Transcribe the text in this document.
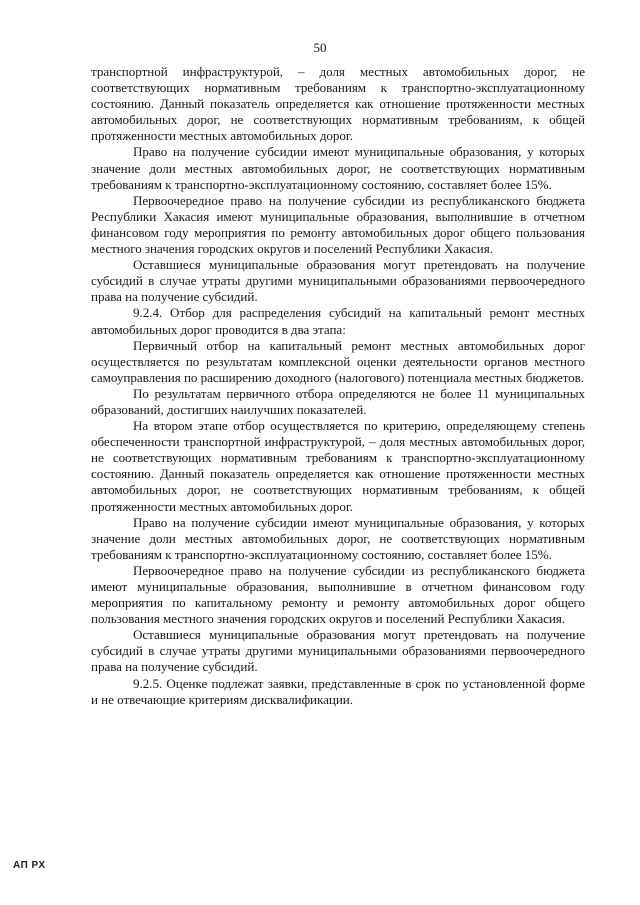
50

транспортной инфраструктурой, – доля местных автомобильных дорог, не соответствующих нормативным требованиям к транспортно-эксплуатационному состоянию. Данный показатель определяется как отношение протяженности местных автомобильных дорог, не соответствующих нормативным требованиям, к общей протяженности местных автомобильных дорог.

Право на получение субсидии имеют муниципальные образования, у которых значение доли местных автомобильных дорог, не соответствующих нормативным требованиям к транспортно-эксплуатационному состоянию, составляет более 15%.

Первоочередное право на получение субсидии из республиканского бюджета Республики Хакасия имеют муниципальные образования, выполнившие в отчетном финансовом году мероприятия по ремонту автомобильных дорог общего пользования местного значения городских округов и поселений Республики Хакасия.

Оставшиеся муниципальные образования могут претендовать на получение субсидий в случае утраты другими муниципальными образованиями первоочередного права на получение субсидий.

9.2.4. Отбор для распределения субсидий на капитальный ремонт местных автомобильных дорог проводится в два этапа:

Первичный отбор на капитальный ремонт местных автомобильных дорог осуществляется по результатам комплексной оценки деятельности органов местного самоуправления по расширению доходного (налогового) потенциала местных бюджетов.

По результатам первичного отбора определяются не более 11 муниципальных образований, достигших наилучших показателей.

На втором этапе отбор осуществляется по критерию, определяющему степень обеспеченности транспортной инфраструктурой, – доля местных автомобильных дорог, не соответствующих нормативным требованиям к транспортно-эксплуатационному состоянию. Данный показатель определяется как отношение протяженности местных автомобильных дорог, не соответствующих нормативным требованиям, к общей протяженности местных автомобильных дорог.

Право на получение субсидии имеют муниципальные образования, у которых значение доли местных автомобильных дорог, не соответствующих нормативным требованиям к транспортно-эксплуатационному состоянию, составляет более 15%.

Первоочередное право на получение субсидии из республиканского бюджета имеют муниципальные образования, выполнившие в отчетном финансовом году мероприятия по капитальному ремонту и ремонту автомобильных дорог общего пользования местного значения городских округов и поселений Республики Хакасия.

Оставшиеся муниципальные образования могут претендовать на получение субсидий в случае утраты другими муниципальными образованиями первоочередного права на получение субсидий.

9.2.5. Оценке подлежат заявки, представленные в срок по установленной форме и не отвечающие критериям дисквалификации.

АП РХ
